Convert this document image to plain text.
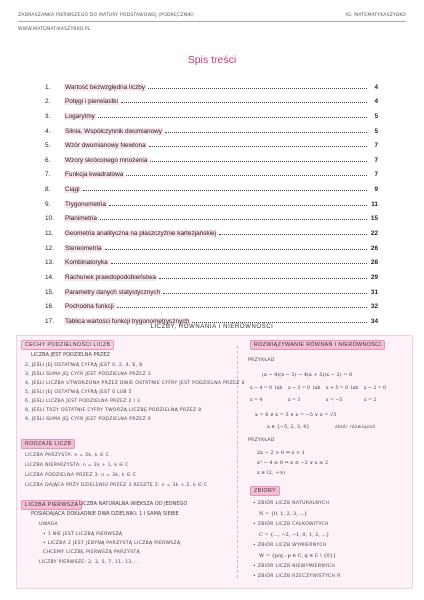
ZADRASZANKA PIERWSZEGO DO MATURY PODSTAWOWEJ (PODRĘCZNIK)	IG: MATEMATYKASZYBKO
WWW.MATEMATIKASZYBKO.PL
Spis treści
1.	Wartość bezwzględna liczby	4
2.	Potęgi i pierwiastki	4
3.	Logarytmy	5
4.	Silnia. Współczynnik dwumianowy	5
5.	Wzór dwumianowy Newtona	7
6.	Wzory skróconego mnożenia	7
7.	Funkcja kwadratowa	7
8.	Ciągi	9
9.	Trygonometria	11
10.	Planimetria	15
11.	Geometria analityczna na płaszczyźnie kartezjańskiej	22
12.	Stereometria	26
13.	Kombinatoryka	28
14.	Rachunek prawdopodobieństwa	29
15.	Parametry danych statystycznych	31
16.	Pochodna funkcji	32
17.	Tablica wartości funkcji trygonometrycznych	34
LICZBY, RÓWNANIA I NIERÓWNOŚCI
CECHY PODZIELNOŚCI LICZB
LICZBA JEST PODZIELNA PRZEZ
2, JEŚLI JEJ OSTATNIĄ CYFRĄ JEST 0, 2, 4, 6, 8
3, JEŚLI SUMA JEJ CYFR JEST PODZIELNA PRZEZ 3
4, JEŚLI LICZBA UTWORZONA PRZEZ DWIE OSTATNIE CYFRY JEST PODZIELNA PRZEZ 4
5, JEŚLI JEJ OSTATNIĄ CYFRĄ JEST 0 LUB 5
6, JEŚLI LICZBA JEST PODZIELNA PRZEZ 2 I 3
8, JEŚLI TRZY OSTATNIE CYFRY TWORZĄ LICZBĘ PODZIELNĄ PRZEZ 8
9, JEŚLI SUMA JEJ CYFR JEST PODZIELNA PRZEZ 9
RODZAJE LICZB
LICZBA PARZYSTA: n = 2k, k ∈ C
LICZBA NIEPARZYSTA: n = 2k + 1, k ∈ C
LICZBA PODZIELNA PRZEZ 3: n = 3k, k ∈ C
LICZBA DAJĄCA PRZY DZIELENIU PRZEZ 3 RESZTĘ 2: n = 3k + 2, k ∈ C
LICZBA PIERWSZA LICZBA NATURALNA WIĘKSZA OD JEDNEGO
POSIADAJĄCA DOKŁADNIE DWA DZIELNIKI: 1 I SAMĄ SIEBIE
UWAGA
• 1 NIE JEST LICZBĄ PIERWSZĄ
• LICZBA 2 JEST JEDYNĄ PARZYSTĄ LICZBĄ PIERWSZĄ
CHCEMY LICZBĘ PIERWSZĄ PARZYSTĄ
LICZBY PIERWSZE: 2, 3, 5, 7, 11, 13, ...
ROZWIĄZYWANIE RÓWNAŃ I NIERÓWNOŚCI
PRZYKŁAD
(x − 4)(x − 3) − 4(x + 5)(x − 2) = 0
x − 4 = 0 lub x − 3 = 0 lub x + 5 = 0 lub x − 2 = 0
x = 4	x = 3	x = −5	x = 2
x = 6 ∨ x = 3 ∨ x = −5 ∨ x = √3
x ∈ {−5, 2, 3, 4}	zbiór rozwiązań
PRZYKŁAD
2x − 2 > 0 ⇒ x > 1
x² − 4 ≥ 0 ⇒ x ≤ −2 ∨ x ≥ 2
x ∈ ⟨2, +∞)
ZBIORY
• ZBIÓR LICZB NATURALNYCH
N = {0, 1, 2, 3, ...}
• ZBIÓR LICZB CAŁKOWITYCH
C = {..., −2, −1, 0, 1, 2, ...}
• ZBIÓR LICZB WYMIERNYCH
W = {p/q : p ∈ C, q ∈ C \ {0}}
• ZBIÓR LICZB NIEWYMIERNYCH
• ZBIÓR LICZB RZECZYWISTYCH R
